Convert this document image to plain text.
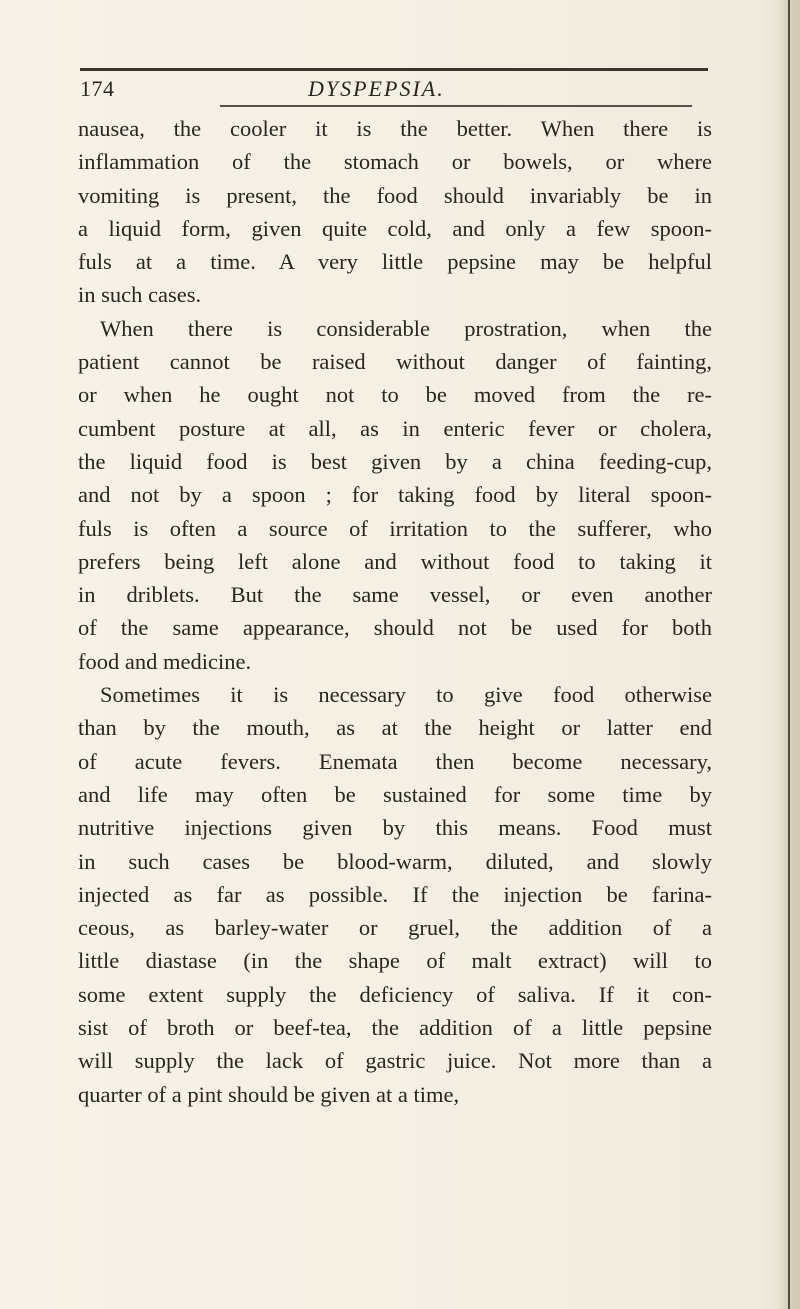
174	DYSPEPSIA.
nausea, the cooler it is the better. When there is
inflammation of the stomach or bowels, or where
vomiting is present, the food should invariably be in
a liquid form, given quite cold, and only a few spoon-
fuls at a time. A very little pepsine may be helpful
in such cases.
When there is considerable prostration, when the
patient cannot be raised without danger of fainting,
or when he ought not to be moved from the re-
cumbent posture at all, as in enteric fever or cholera,
the liquid food is best given by a china feeding-cup,
and not by a spoon ; for taking food by literal spoon-
fuls is often a source of irritation to the sufferer, who
prefers being left alone and without food to taking it
in driblets. But the same vessel, or even another
of the same appearance, should not be used for both
food and medicine.
Sometimes it is necessary to give food otherwise
than by the mouth, as at the height or latter end
of acute fevers. Enemata then become necessary,
and life may often be sustained for some time by
nutritive injections given by this means. Food must
in such cases be blood-warm, diluted, and slowly
injected as far as possible. If the injection be farina-
ceous, as barley-water or gruel, the addition of a
little diastase (in the shape of malt extract) will to
some extent supply the deficiency of saliva. If it con-
sist of broth or beef-tea, the addition of a little pepsine
will supply the lack of gastric juice. Not more than a
quarter of a pint should be given at a time,
